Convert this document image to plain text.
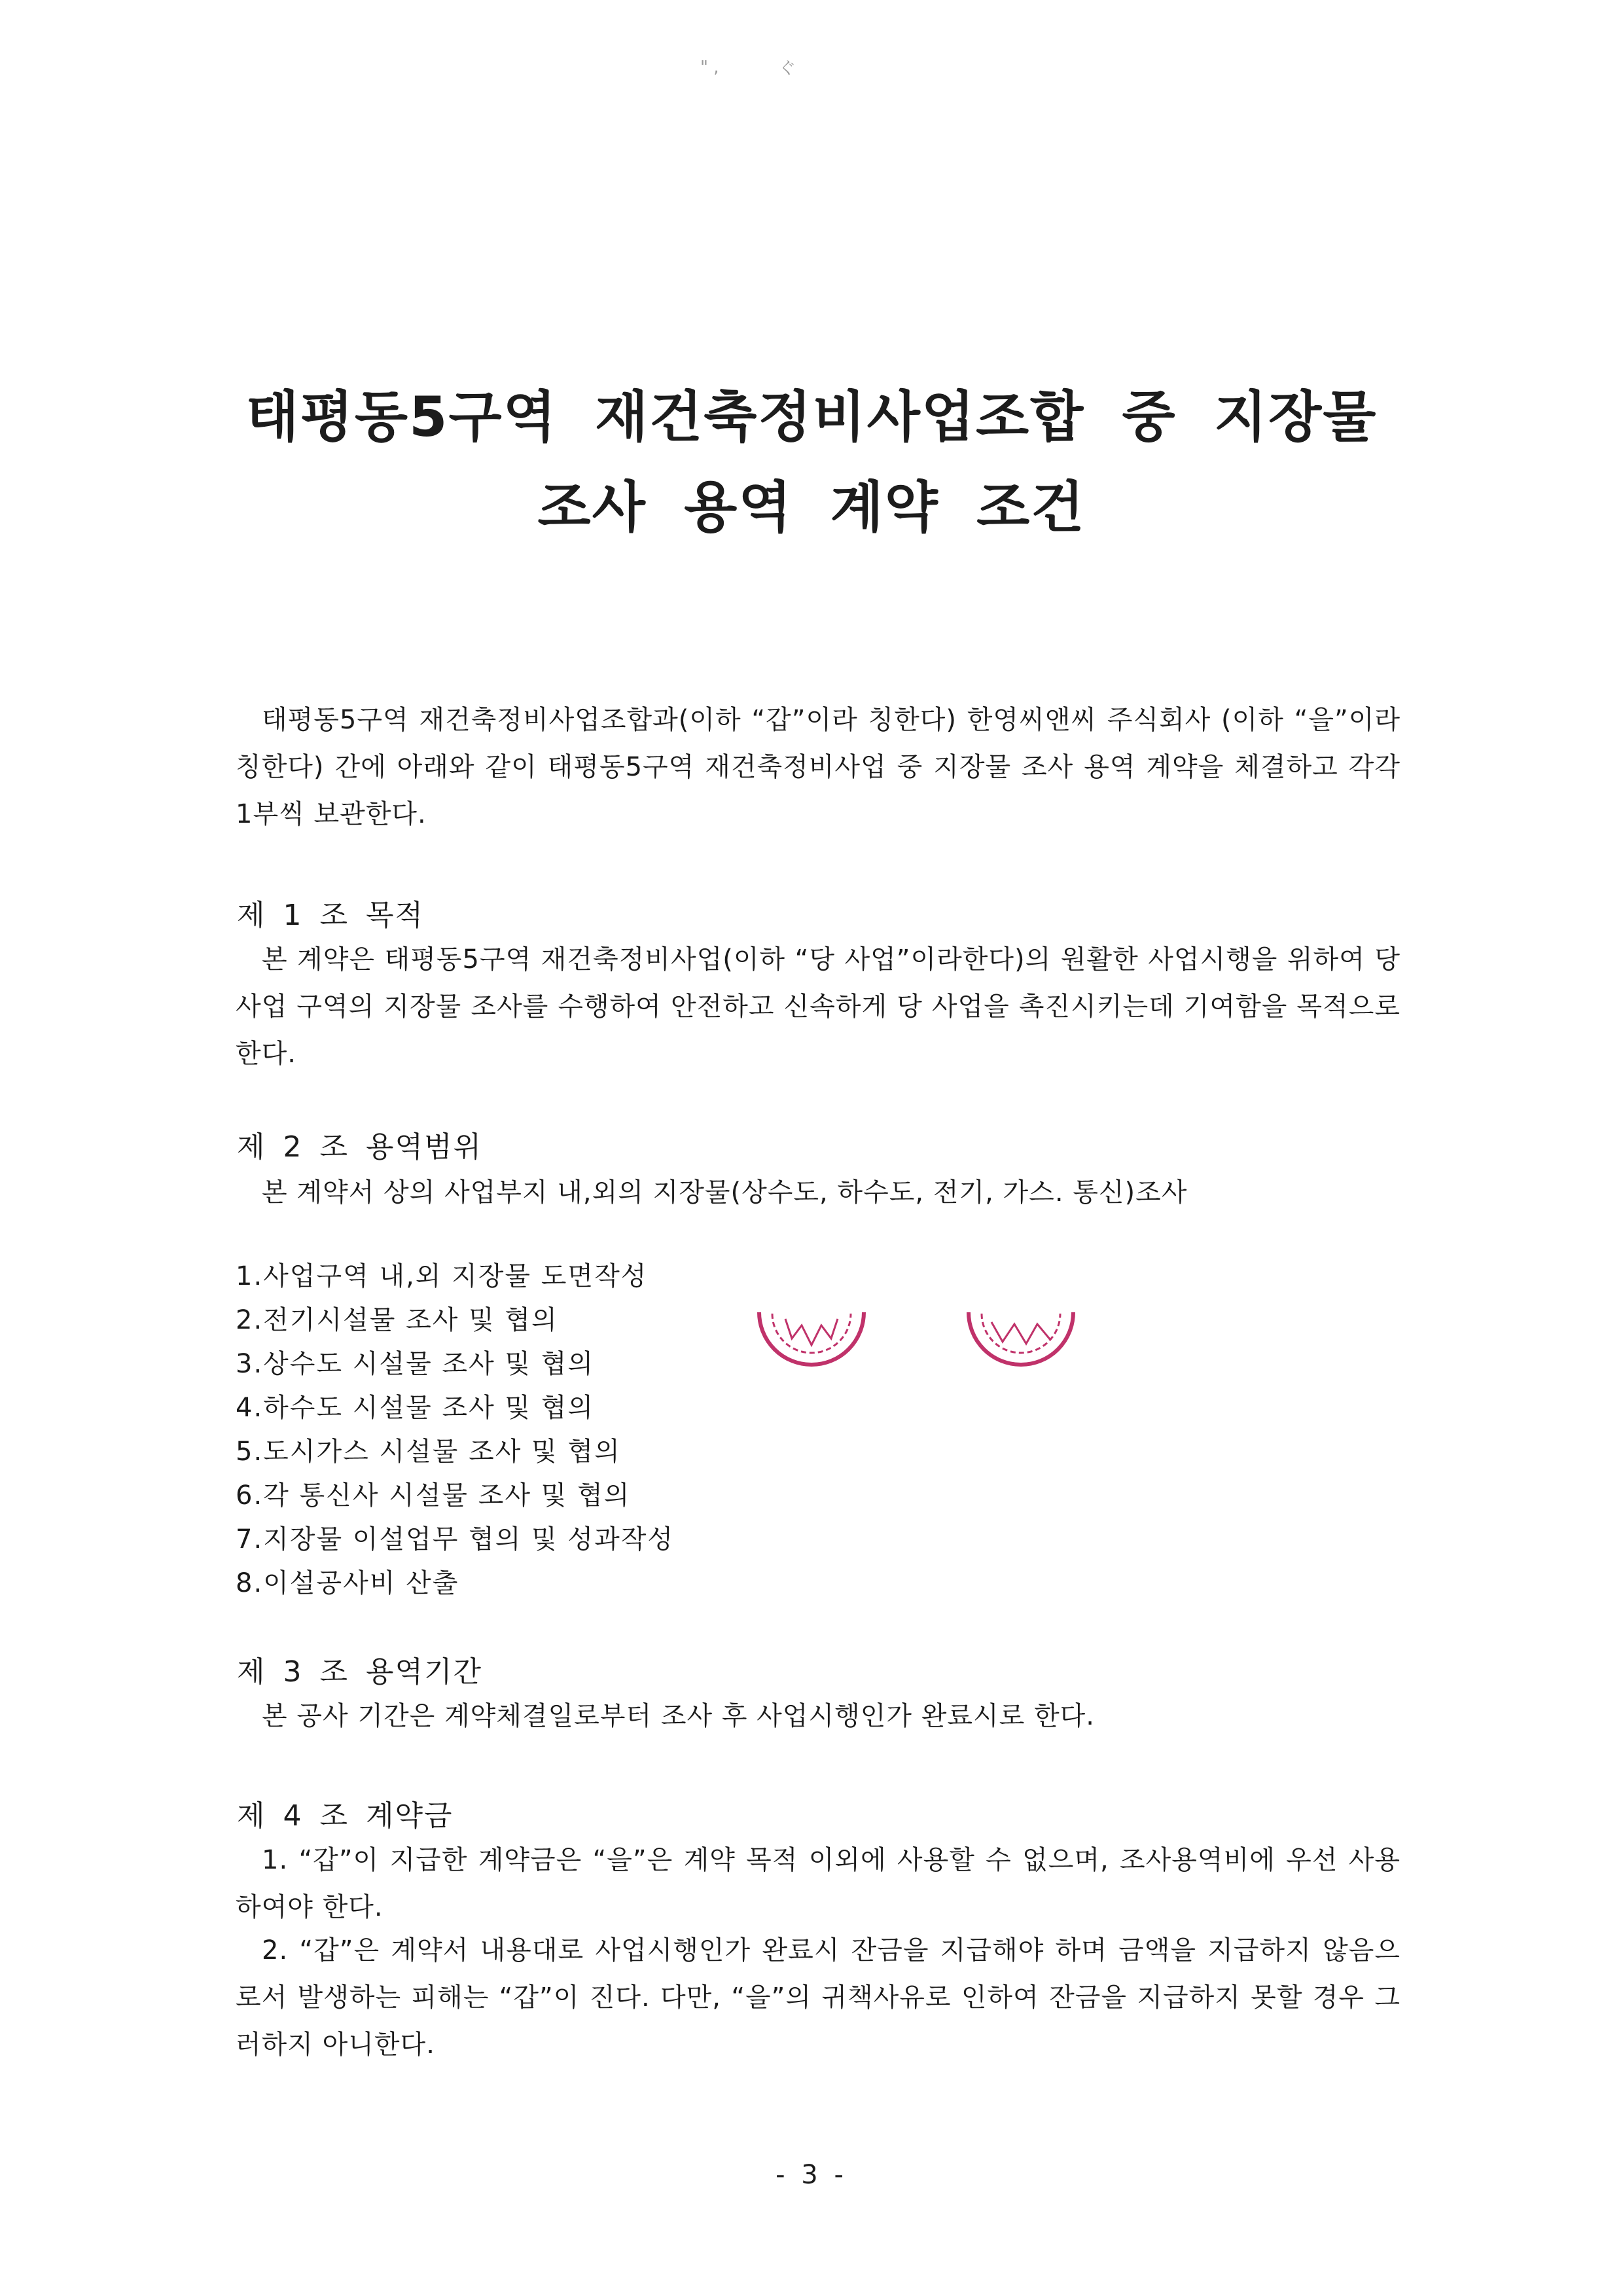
" ,	ぐ
태평동5구역 재건축정비사업조합 중 지장물
조사 용역 계약 조건

태평동5구역 재건축정비사업조합과(이하 “갑”이라 칭한다) 한영씨앤씨 주식회사 (이하 “을”이라 칭한다) 간에 아래와 같이 태평동5구역 재건축정비사업 중 지장물 조사 용역 계약을 체결하고 각각 1부씩 보관한다.

제 1 조 목적

본 계약은 태평동5구역 재건축정비사업(이하 “당 사업”이라한다)의 원활한 사업시행을 위하여 당 사업 구역의 지장물 조사를 수행하여 안전하고 신속하게 당 사업을 촉진시키는데 기여함을 목적으로 한다.

제 2 조 용역범위
본 계약서 상의 사업부지 내,외의 지장물(상수도, 하수도, 전기, 가스. 통신)조사
1.사업구역 내,외 지장물 도면작성
2.전기시설물 조사 및 협의
3.상수도 시설물 조사 및 협의
4.하수도 시설물 조사 및 협의
5.도시가스 시설물 조사 및 협의
6.각 통신사 시설물 조사 및 협의
7.지장물 이설업무 협의 및 성과작성
8.이설공사비 산출
제 3 조 용역기간
본 공사 기간은 계약체결일로부터 조사 후 사업시행인가 완료시로 한다.
제 4 조 계약금

1. “갑”이 지급한 계약금은 “을”은 계약 목적 이외에 사용할 수 없으며, 조사용역비에 우선 사용하여야 한다.

2. “갑”은 계약서 내용대로 사업시행인가 완료시 잔금을 지급해야 하며 금액을 지급하지 않음으로서 발생하는 피해는 “갑”이 진다. 다만, “을”의 귀책사유로 인하여 잔금을 지급하지 못할 경우 그러하지 아니한다.

- 3 -
